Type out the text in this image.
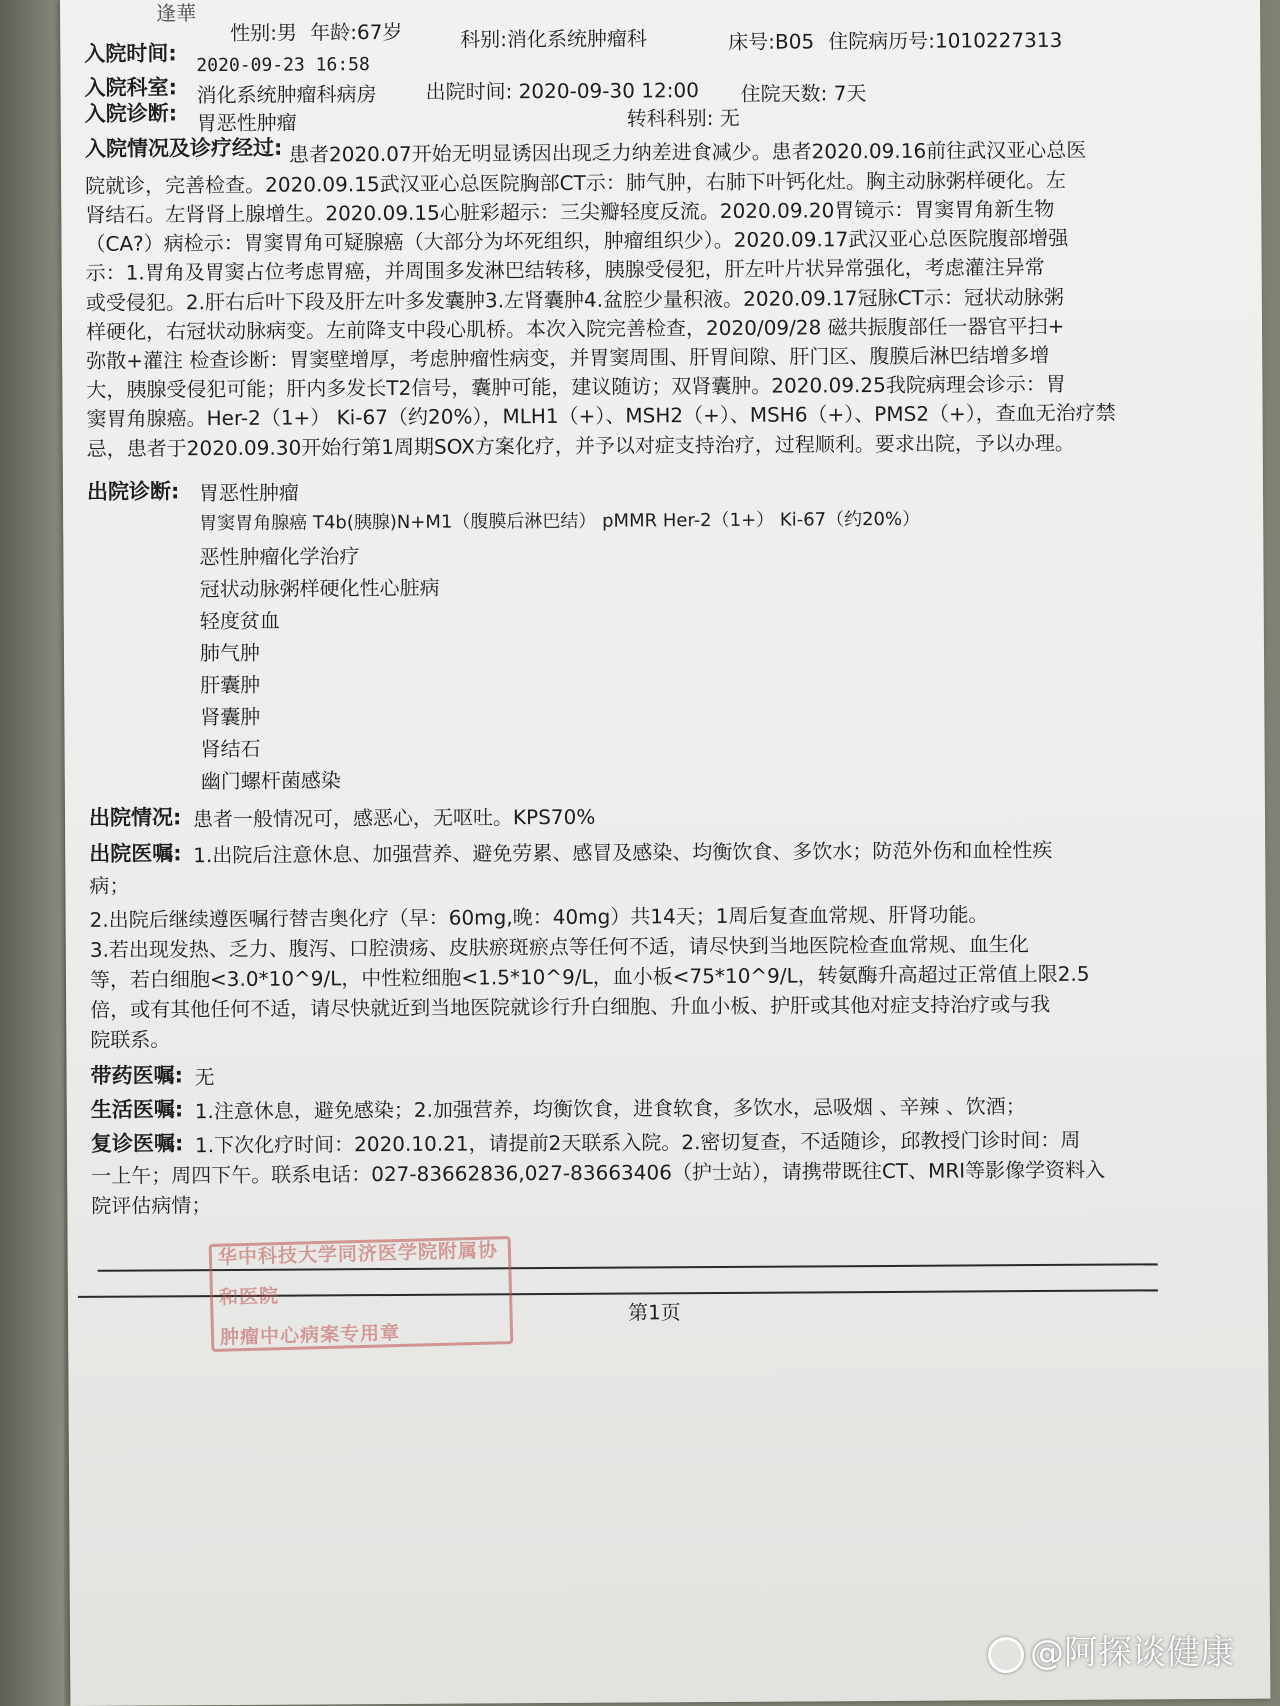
逢華
性别:男 年龄:67岁	科别:消化系统肿瘤科	床号:B05 住院病历号:1010227313
入院时间: 2020-09-23 16:58
出院时间: 2020-09-30 12:00 住院天数: 7天
入院科室: 消化系统肿瘤科病房
转科科别: 无
入院诊断: 胃恶性肿瘤
入院情况及诊疗经过: 患者2020.07开始无明显诱因出现乏力纳差进食减少。患者2020.09.16前往武汉亚心总医
院就诊，完善检查。2020.09.15武汉亚心总医院胸部CT示：肺气肿，右肺下叶钙化灶。胸主动脉粥样硬化。左
肾结石。左肾肾上腺增生。2020.09.15心脏彩超示：三尖瓣轻度反流。2020.09.20胃镜示：胃窦胃角新生物
（CA?）病检示：胃窦胃角可疑腺癌（大部分为坏死组织，肿瘤组织少）。2020.09.17武汉亚心总医院腹部增强
示：1.胃角及胃窦占位考虑胃癌，并周围多发淋巴结转移，胰腺受侵犯，肝左叶片状异常强化，考虑灌注异常
或受侵犯。2.肝右后叶下段及肝左叶多发囊肿3.左肾囊肿4.盆腔少量积液。2020.09.17冠脉CT示：冠状动脉粥
样硬化，右冠状动脉病变。左前降支中段心肌桥。本次入院完善检查，2020/09/28 磁共振腹部任一器官平扫+
弥散+灌注 检查诊断：胃窦壁增厚，考虑肿瘤性病变，并胃窦周围、肝胃间隙、肝门区、腹膜后淋巴结增多增
大，胰腺受侵犯可能；肝内多发长T2信号，囊肿可能，建议随访；双肾囊肿。2020.09.25我院病理会诊示：胃
窦胃角腺癌。Her-2（1+） Ki-67（约20%），MLH1（+）、MSH2（+）、MSH6（+）、PMS2（+），查血无治疗禁
忌，患者于2020.09.30开始行第1周期SOX方案化疗，并予以对症支持治疗，过程顺利。要求出院，予以办理。
出院诊断: 胃恶性肿瘤
胃窦胃角腺癌 T4b(胰腺)N+M1（腹膜后淋巴结） pMMR Her-2（1+） Ki-67（约20%）
恶性肿瘤化学治疗
冠状动脉粥样硬化性心脏病
轻度贫血
肺气肿
肝囊肿
肾囊肿
肾结石
幽门螺杆菌感染
出院情况: 患者一般情况可，感恶心，无呕吐。KPS70%
出院医嘱: 1.出院后注意休息、加强营养、避免劳累、感冒及感染、均衡饮食、多饮水；防范外伤和血栓性疾
病；
2.出院后继续遵医嘱行替吉奥化疗（早：60mg,晚：40mg）共14天；1周后复查血常规、肝肾功能。
3.若出现发热、乏力、腹泻、口腔溃疡、皮肤瘀斑瘀点等任何不适，请尽快到当地医院检查血常规、血生化
等，若白细胞<3.0*10^9/L，中性粒细胞<1.5*10^9/L，血小板<75*10^9/L，转氨酶升高超过正常值上限2.5
倍，或有其他任何不适，请尽快就近到当地医院就诊行升白细胞、升血小板、护肝或其他对症支持治疗或与我
院联系。
带药医嘱: 无
生活医嘱: 1.注意休息，避免感染；2.加强营养，均衡饮食，进食软食，多饮水，忌吸烟 、辛辣 、饮酒；
复诊医嘱: 1.下次化疗时间：2020.10.21，请提前2天联系入院。2.密切复查，不适随诊，邱教授门诊时间：周
一上午；周四下午。联系电话：027-83662836,027-83663406（护士站），请携带既往CT、MRI等影像学资料入
院评估病情；
第1页
华中科技大学同济医学院附属协和医院
肿瘤中心病案专用章
@阿探谈健康
